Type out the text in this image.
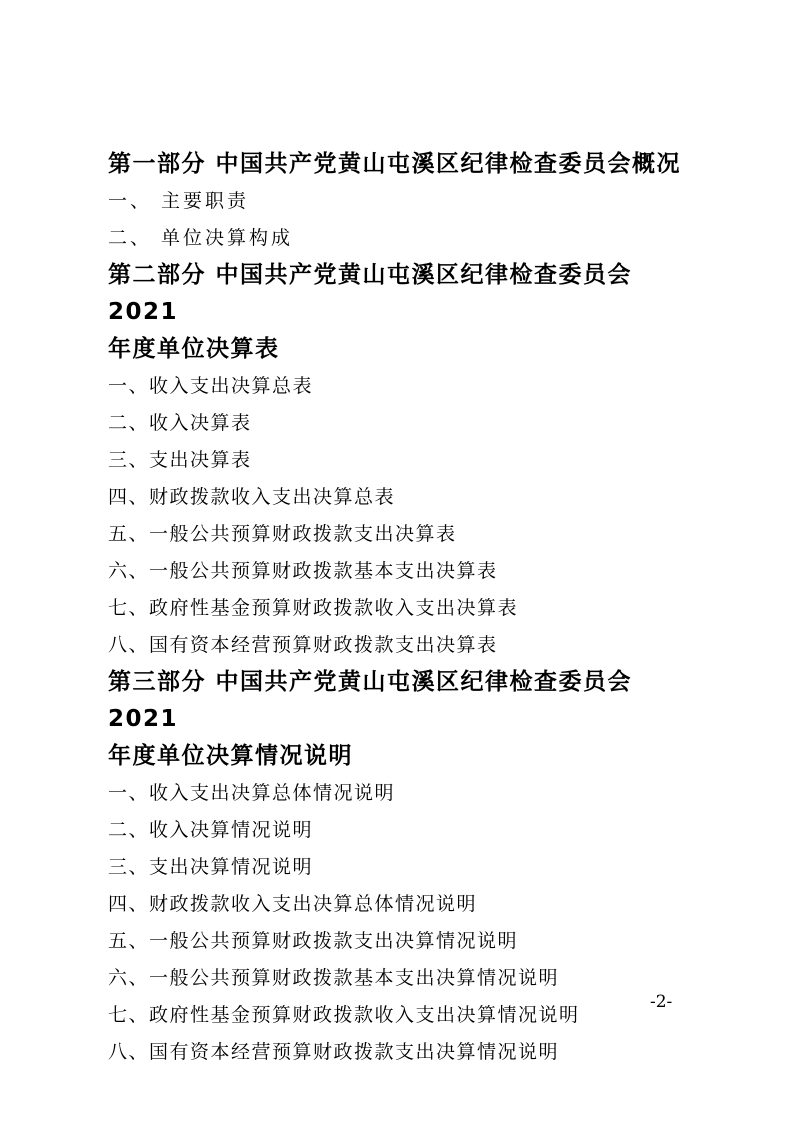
第一部分 中国共产党黄山屯溪区纪律检查委员会概况

一、 主要职责

二、 单位决算构成

第二部分 中国共产党黄山屯溪区纪律检查委员会 2021

年度单位决算表

一、收入支出决算总表

二、收入决算表

三、支出决算表

四、财政拨款收入支出决算总表

五、一般公共预算财政拨款支出决算表

六、一般公共预算财政拨款基本支出决算表

七、政府性基金预算财政拨款收入支出决算表

八、国有资本经营预算财政拨款支出决算表

第三部分 中国共产党黄山屯溪区纪律检查委员会 2021

年度单位决算情况说明

一、收入支出决算总体情况说明

二、收入决算情况说明

三、支出决算情况说明

四、财政拨款收入支出决算总体情况说明

五、一般公共预算财政拨款支出决算情况说明

六、一般公共预算财政拨款基本支出决算情况说明

七、政府性基金预算财政拨款收入支出决算情况说明

八、国有资本经营预算财政拨款支出决算情况说明

-2-
